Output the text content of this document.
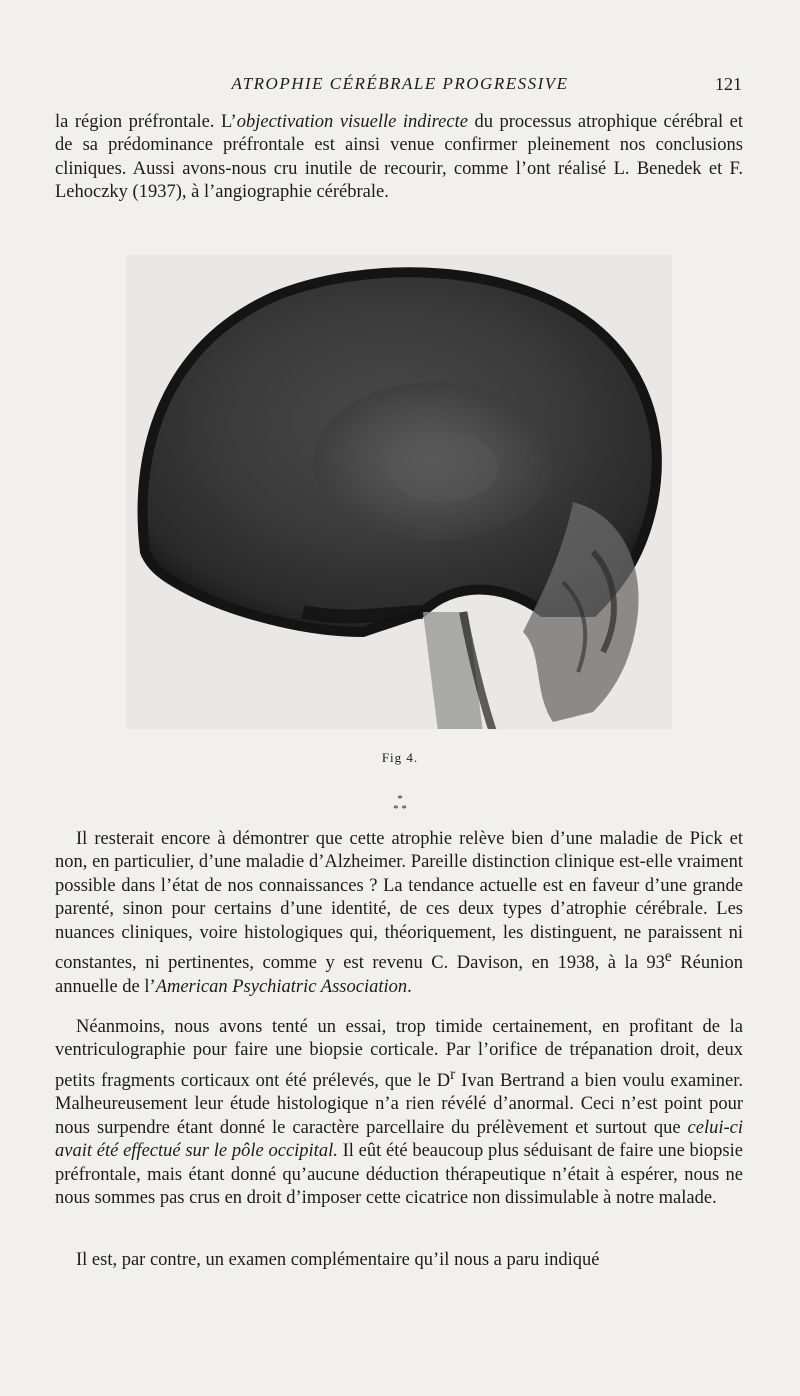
ATROPHIE CÉRÉBRALE PROGRESSIVE	121

la région préfrontale. L’objectivation visuelle indirecte du processus atrophique cérébral et de sa prédominance préfrontale est ainsi venue confirmer pleinement nos conclusions cliniques. Aussi avons-nous cru inutile de recourir, comme l’ont réalisé L. Benedek et F. Lehoczky (1937), à l’angiographie cérébrale.

Fig 4.
*
* *

Il resterait encore à démontrer que cette atrophie relève bien d’une maladie de Pick et non, en particulier, d’une maladie d’Alzheimer. Pareille distinction clinique est-elle vraiment possible dans l’état de nos connaissances ? La tendance actuelle est en faveur d’une grande parenté, sinon pour certains d’une identité, de ces deux types d’atrophie cérébrale. Les nuances cliniques, voire histologiques qui, théoriquement, les distinguent, ne paraissent ni constantes, ni pertinentes, comme y est revenu C. Davison, en 1938, à la 93e Réunion annuelle de l’American Psychiatric Association.

Néanmoins, nous avons tenté un essai, trop timide certainement, en profitant de la ventriculographie pour faire une biopsie corticale. Par l’orifice de trépanation droit, deux petits fragments corticaux ont été prélevés, que le $D^r$ Ivan Bertrand a bien voulu examiner. Malheureusement leur étude histologique n’a rien révélé d’anormal. Ceci n’est point pour nous surpendre étant donné le caractère parcellaire du prélèvement et surtout que celui-ci avait été effectué sur le pôle occipital. Il eût été beaucoup plus séduisant de faire une biopsie préfrontale, mais étant donné qu’aucune déduction thérapeutique n’était à espérer, nous ne nous sommes pas crus en droit d’imposer cette cicatrice non dissimulable à notre malade.

Il est, par contre, un examen complémentaire qu’il nous a paru indiqué
